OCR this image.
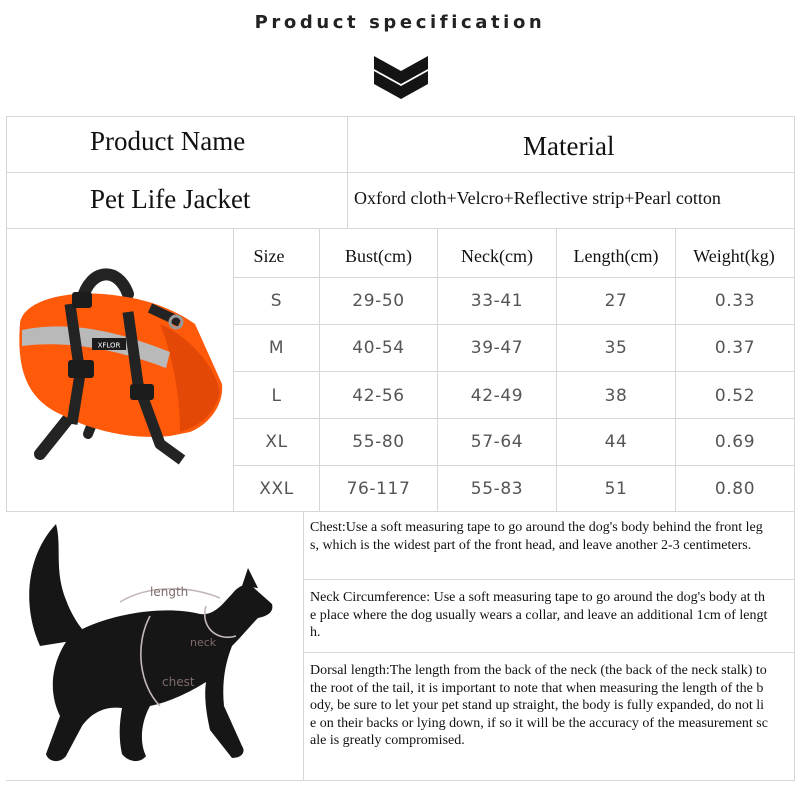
Product specification
Product Name	Material
Pet Life Jacket	Oxford cloth+Velcro+Reflective strip+Pearl cotton
Size	Bust(cm)	Neck(cm)	Length(cm)	Weight(kg)
S	29-50	33-41	27	0.33
M	40-54	39-47	35	0.37
L	42-56	42-49	38	0.52
XL	55-80	57-64	44	0.69
XXL	76-117	55-83	51	0.80
XFLOR
length
neck
chest
Chest:Use a soft measuring tape to go around the dog's body behind the front legs, which is the widest part of the front head, and leave another 2-3 centimeters.
Neck Circumference: Use a soft measuring tape to go around the dog's body at the place where the dog usually wears a collar, and leave an additional 1cm of length.
Dorsal length:The length from the back of the neck (the back of the neck stalk) to the root of the tail, it is important to note that when measuring the length of the body, be sure to let your pet stand up straight, the body is fully expanded, do not lie on their backs or lying down, if so it will be the accuracy of the measurement scale is greatly compromised.
